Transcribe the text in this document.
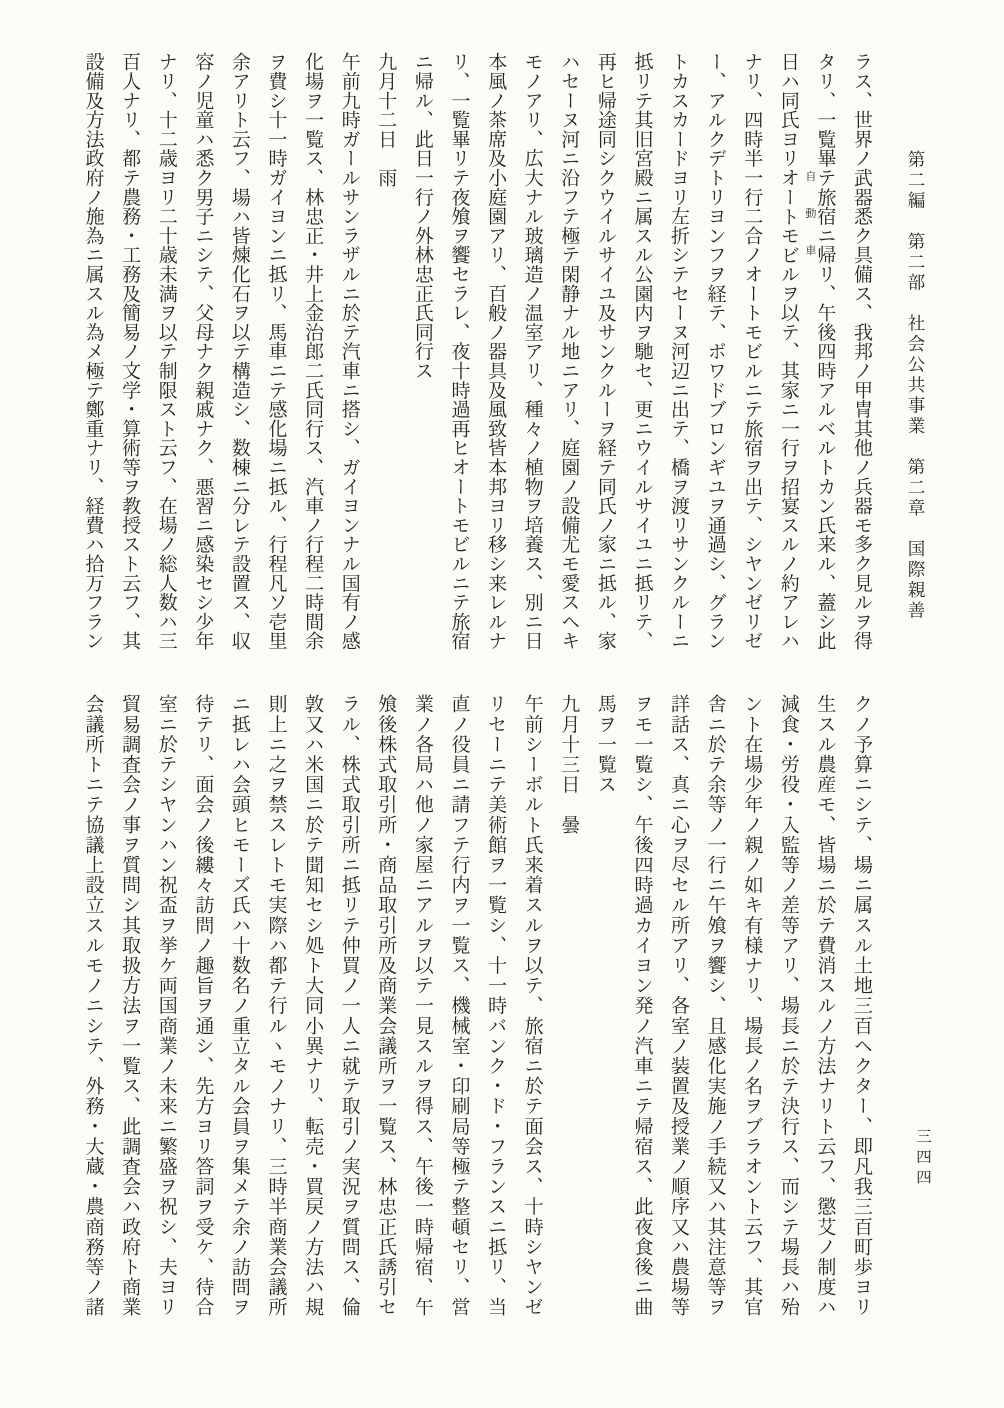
第二編　第二部　社会公共事業　第二章　国際親善

ラス、世界ノ武器悉ク具備ス、我邦ノ甲冑其他ノ兵器モ多ク見ルヲ得

タリ、一覧畢テ旅宿ニ帰リ、午後四時アルベルトカン氏来ル、蓋シ此

日ハ同氏ヨリオートモビル 自動車
ヲ以テ、其家ニ一行ヲ招宴スルノ約アレハ

ナリ、四時半一行二合ノオートモビルニテ旅宿ヲ出テ、シヤンゼリゼ

ー、アルクデトリヨンフヲ経テ、ボワドブロンギユヲ通過シ、グラン

トカスカードヨリ左折シテセーヌ河辺ニ出テ、橋ヲ渡リサンクルーニ

抵リテ其旧宮殿ニ属スル公園内ヲ馳セ、更ニウイルサイユニ抵リテ、

再ヒ帰途同シクウイルサイユ及サンクルーヲ経テ同氏ノ家ニ抵ル、家

ハセーヌ河ニ沿フテ極テ閑静ナル地ニアリ、庭園ノ設備尤モ愛スヘキ

モノアリ、広大ナル玻璃造ノ温室アリ、種々ノ植物ヲ培養ス、別ニ日

本風ノ茶席及小庭園アリ、百般ノ器具及風致皆本邦ヨリ移シ来レルナ

リ、一覧畢リテ夜飧ヲ饗セラレ、夜十時過再ヒオートモビルニテ旅宿

ニ帰ル、此日一行ノ外林忠正氏同行ス

九月十二日　雨

午前九時ガールサンラザルニ於テ汽車ニ搭シ、ガイヨンナル国有ノ感

化場ヲ一覧ス、林忠正・井上金治郎二氏同行ス、汽車ノ行程二時間余

ヲ費シ十一時ガイヨンニ抵リ、馬車ニテ感化場ニ抵ル、行程凡ソ壱里

余アリト云フ、場ハ皆煉化石ヲ以テ構造シ、数棟ニ分レテ設置ス、収

容ノ児童ハ悉ク男子ニシテ、父母ナク親戚ナク、悪習ニ感染セシ少年

ナリ、十二歳ヨリ二十歳未満ヲ以テ制限スト云フ、在場ノ総人数ハ三

百人ナリ、都テ農務・工務及簡易ノ文学・算術等ヲ教授スト云フ、其

設備及方法政府ノ施為ニ属スル為メ極テ鄭重ナリ、経費ハ拾万フラン

クノ予算ニシテ、場ニ属スル土地三百ヘクター、即凡我三百町歩ヨリ

生スル農産モ、皆場ニ於テ費消スルノ方法ナリト云フ、懲艾ノ制度ハ

減食・労役・入監等ノ差等アリ、場長ニ於テ決行ス、而シテ場長ハ殆

ント在場少年ノ親ノ如キ有様ナリ、場長ノ名ヲブラオント云フ、其官

舎ニ於テ余等ノ一行ニ午飧ヲ饗シ、且感化実施ノ手続又ハ其注意等ヲ

詳話ス、真ニ心ヲ尽セル所アリ、各室ノ装置及授業ノ順序又ハ農場等

ヲモ一覧シ、午後四時過カイヨン発ノ汽車ニテ帰宿ス、此夜食後ニ曲

馬ヲ一覧ス

九月十三日　曇

午前シーボルト氏来着スルヲ以テ、旅宿ニ於テ面会ス、十時シヤンゼ

リセーニテ美術館ヲ一覧シ、十一時バンク・ド・フランスニ抵リ、当

直ノ役員ニ請フテ行内ヲ一覧ス、機械室・印刷局等極テ整頓セリ、営

業ノ各局ハ他ノ家屋ニアルヲ以テ一見スルヲ得ス、午後一時帰宿、午

飧後株式取引所・商品取引所及商業会議所ヲ一覧ス、林忠正氏誘引セ

ラル、株式取引所ニ抵リテ仲買ノ一人ニ就テ取引ノ実況ヲ質問ス、倫

敦又ハ米国ニ於テ聞知セシ処ト大同小異ナリ、転売・買戻ノ方法ハ規

則上ニ之ヲ禁スレトモ実際ハ都テ行ルヽモノナリ、三時半商業会議所

ニ抵レハ会頭ヒモーズ氏ハ十数名ノ重立タル会員ヲ集メテ余ノ訪問ヲ

待テリ、面会ノ後縷々訪問ノ趣旨ヲ通シ、先方ヨリ答詞ヲ受ケ、待合

室ニ於テシヤンハン祝盃ヲ挙ケ両国商業ノ未来ニ繁盛ヲ祝シ、夫ヨリ

貿易調査会ノ事ヲ質問シ其取扱方法ヲ一覧ス、此調査会ハ政府ト商業

会議所トニテ協議上設立スルモノニシテ、外務・大蔵・農商務等ノ諸	三四四
